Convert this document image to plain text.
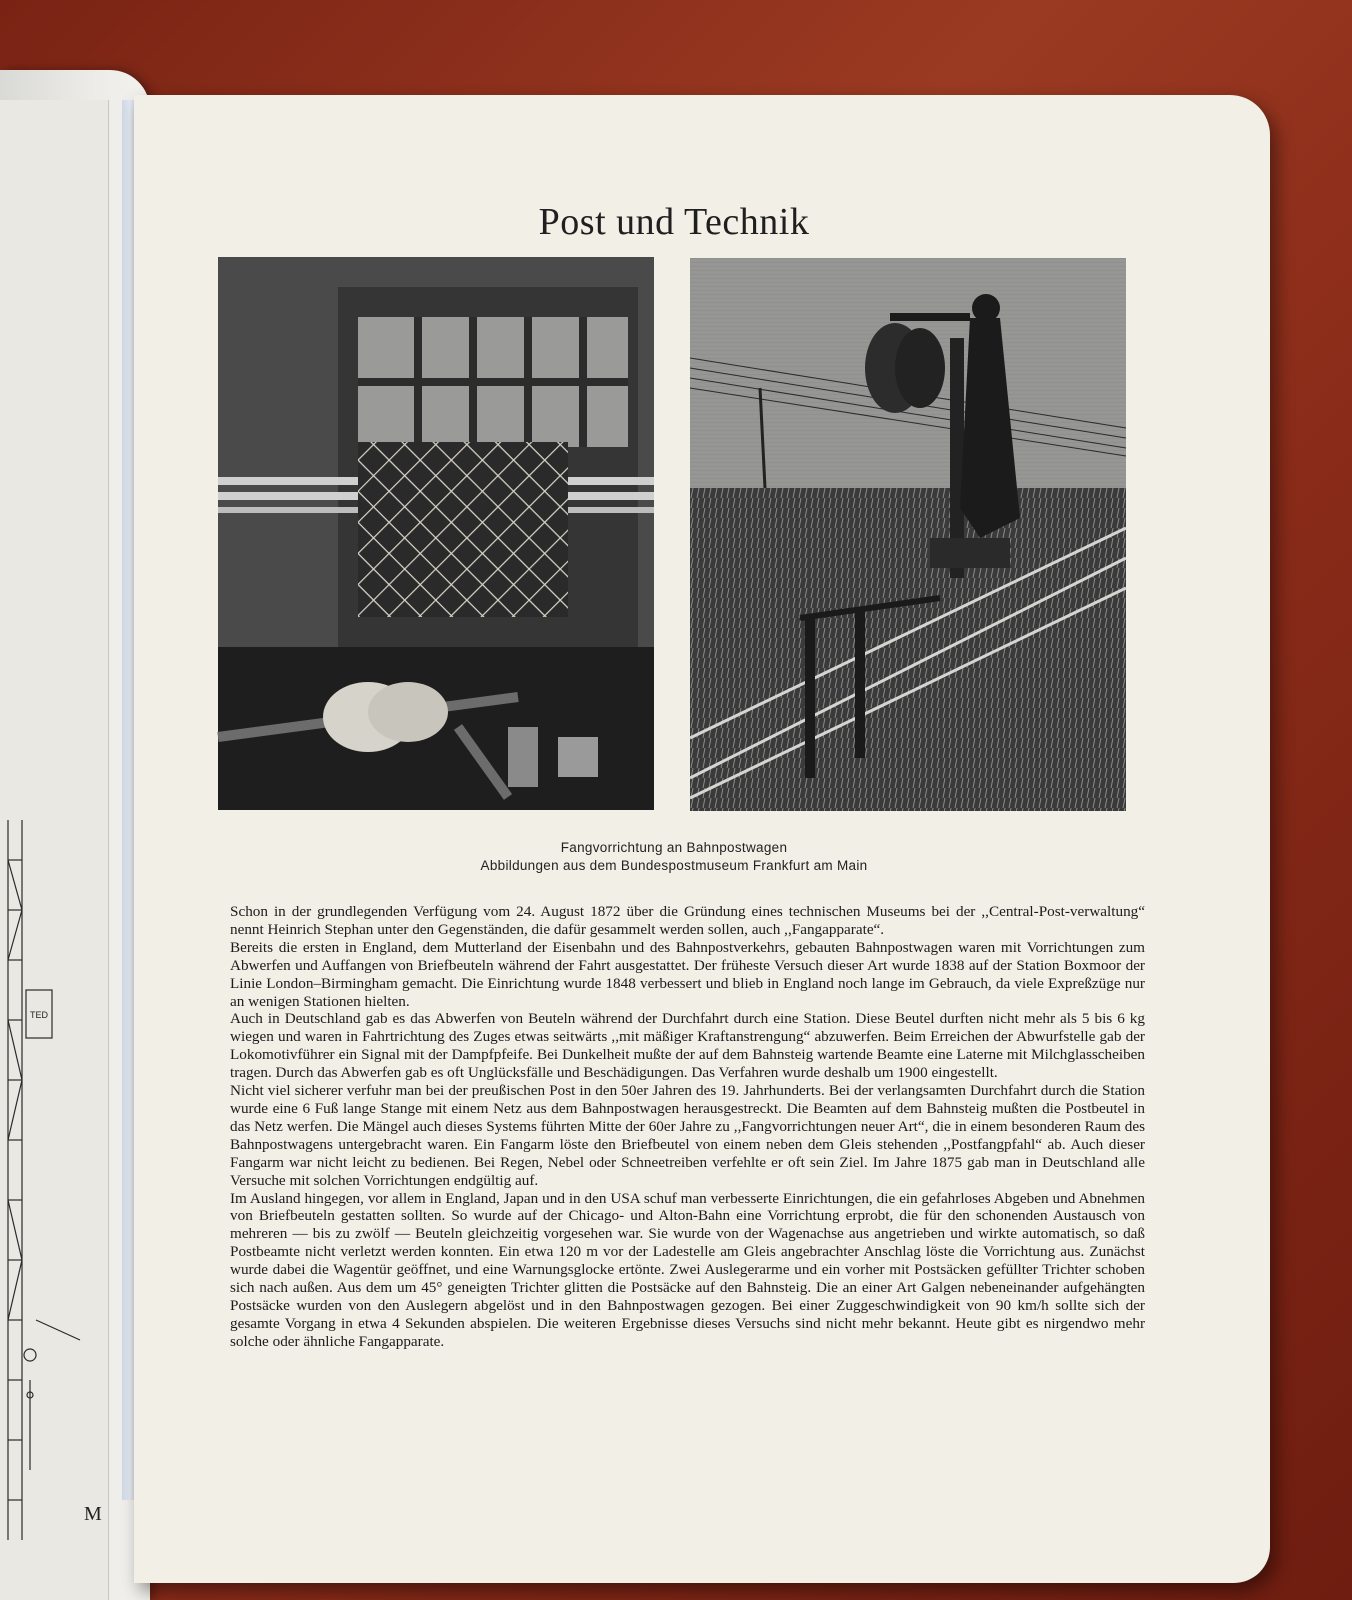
TED
M
Post und Technik
Fangvorrichtung an Bahnpostwagen
Abbildungen aus dem Bundespostmuseum Frankfurt am Main

Schon in der grundlegenden Verfügung vom 24. August 1872 über die Gründung eines technischen Museums bei der ,,Central-Post-verwaltung“ nennt Heinrich Stephan unter den Gegenständen, die dafür gesammelt werden sollen, auch ,,Fangapparate“.

Bereits die ersten in England, dem Mutterland der Eisenbahn und des Bahnpostverkehrs, gebauten Bahnpostwagen waren mit Vorrichtungen zum Abwerfen und Auffangen von Briefbeuteln während der Fahrt ausgestattet. Der früheste Versuch dieser Art wurde 1838 auf der Station Boxmoor der Linie London–Birmingham gemacht. Die Einrichtung wurde 1848 verbessert und blieb in England noch lange im Gebrauch, da viele Expreßzüge nur an wenigen Stationen hielten.

Auch in Deutschland gab es das Abwerfen von Beuteln während der Durchfahrt durch eine Station. Diese Beutel durften nicht mehr als 5 bis 6 kg wiegen und waren in Fahrtrichtung des Zuges etwas seitwärts ,,mit mäßiger Kraftanstrengung“ abzuwerfen. Beim Erreichen der Abwurfstelle gab der Lokomotivführer ein Signal mit der Dampfpfeife. Bei Dunkelheit mußte der auf dem Bahnsteig wartende Beamte eine Laterne mit Milchglasscheiben tragen. Durch das Abwerfen gab es oft Unglücksfälle und Beschädigungen. Das Verfahren wurde deshalb um 1900 eingestellt.

Nicht viel sicherer verfuhr man bei der preußischen Post in den 50er Jahren des 19. Jahrhunderts. Bei der verlangsamten Durchfahrt durch die Station wurde eine 6 Fuß lange Stange mit einem Netz aus dem Bahnpostwagen herausgestreckt. Die Beamten auf dem Bahnsteig mußten die Postbeutel in das Netz werfen. Die Mängel auch dieses Systems führten Mitte der 60er Jahre zu ,,Fangvorrichtungen neuer Art“, die in einem besonderen Raum des Bahnpostwagens untergebracht waren. Ein Fangarm löste den Briefbeutel von einem neben dem Gleis stehenden ,,Postfangpfahl“ ab. Auch dieser Fangarm war nicht leicht zu bedienen. Bei Regen, Nebel oder Schneetreiben verfehlte er oft sein Ziel. Im Jahre 1875 gab man in Deutschland alle Versuche mit solchen Vorrichtungen endgültig auf.

Im Ausland hingegen, vor allem in England, Japan und in den USA schuf man verbesserte Einrichtungen, die ein gefahrloses Abgeben und Abnehmen von Briefbeuteln gestatten sollten. So wurde auf der Chicago- und Alton-Bahn eine Vorrichtung erprobt, die für den schonenden Austausch von mehreren — bis zu zwölf — Beuteln gleichzeitig vorgesehen war. Sie wurde von der Wagenachse aus angetrieben und wirkte automatisch, so daß Postbeamte nicht verletzt werden konnten. Ein etwa 120 m vor der Ladestelle am Gleis angebrachter Anschlag löste die Vorrichtung aus. Zunächst wurde dabei die Wagentür geöffnet, und eine Warnungsglocke ertönte. Zwei Auslegerarme und ein vorher mit Postsäcken gefüllter Trichter schoben sich nach außen. Aus dem um 45° geneigten Trichter glitten die Postsäcke auf den Bahnsteig. Die an einer Art Galgen nebeneinander aufgehängten Postsäcke wurden von den Auslegern abgelöst und in den Bahnpostwagen gezogen. Bei einer Zuggeschwindigkeit von 90 km/h sollte sich der gesamte Vorgang in etwa 4 Sekunden abspielen. Die weiteren Ergebnisse dieses Versuchs sind nicht mehr bekannt. Heute gibt es nirgendwo mehr solche oder ähnliche Fangapparate.
